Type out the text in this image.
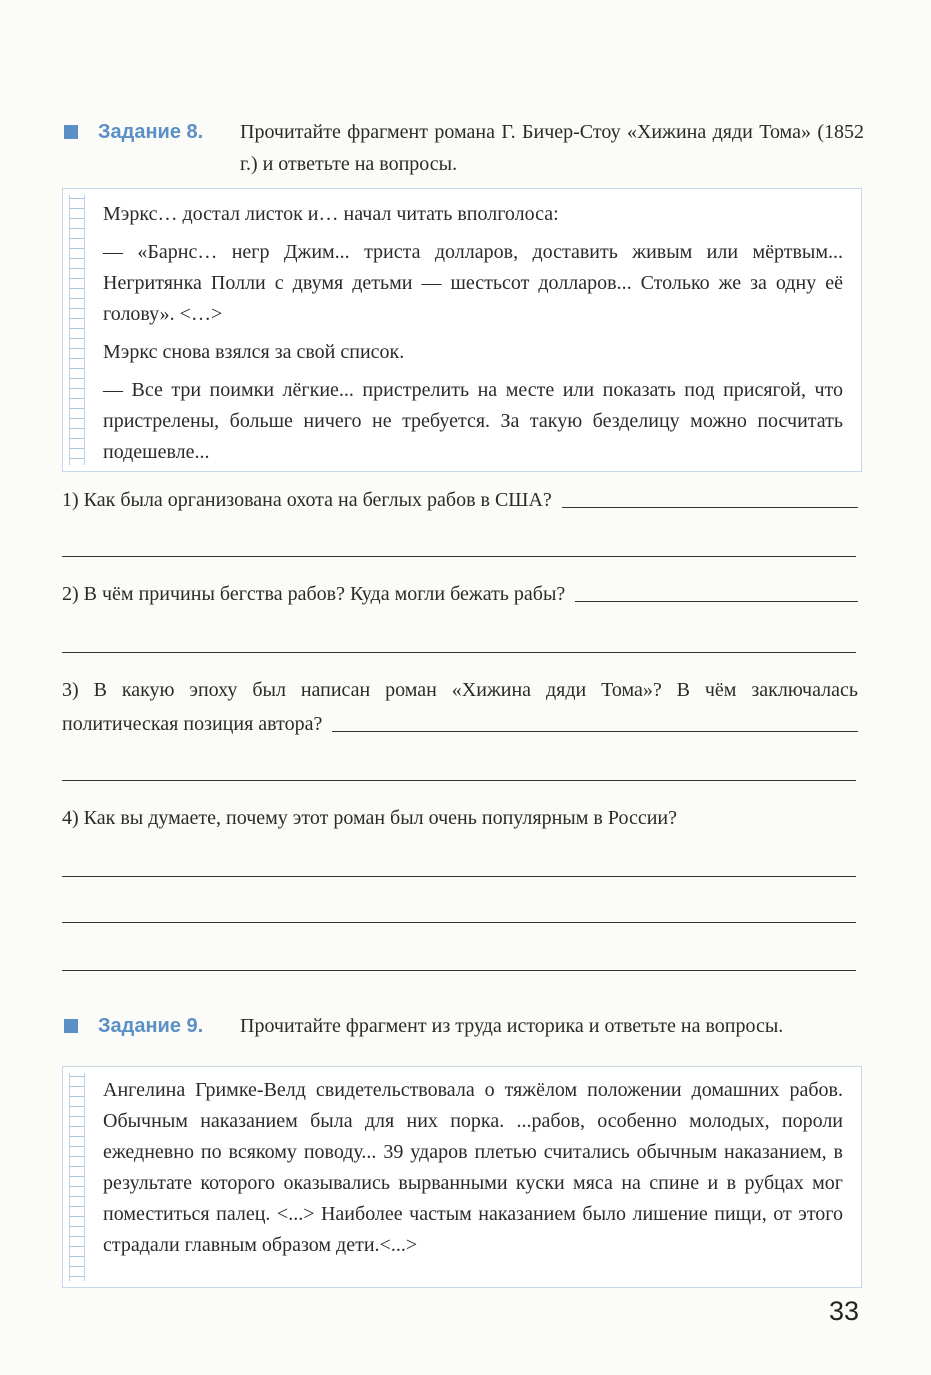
Задание 8. Прочитайте фрагмент романа Г. Бичер-Стоу «Хижина дяди Тома» (1852 г.) и ответьте на вопросы.

Мэркс… достал листок и… начал читать вполголоса:

— «Барнс… негр Джим... триста долларов, доставить живым или мёртвым... Негритянка Полли с двумя детьми — шестьсот долларов... Столько же за одну её голову». <…>

Мэркс снова взялся за свой список.

— Все три поимки лёгкие... пристрелить на месте или показать под присягой, что пристрелены, больше ничего не требуется. За такую безделицу можно посчитать подешевле...

1) Как была организована охота на беглых рабов в США?
2) В чём причины бегства рабов? Куда могли бежать рабы?
3) В какую эпоху был написан роман «Хижина дяди Тома»? В чём заключалась
политическая позиция автора?
4) Как вы думаете, почему этот роман был очень популярным в России?
Задание 9. Прочитайте фрагмент из труда историка и ответьте на вопросы.

Ангелина Гримке-Велд свидетельствовала о тяжёлом положении домашних рабов. Обычным наказанием была для них порка. ...рабов, особенно молодых, пороли ежедневно по всякому поводу... 39 ударов плетью считались обычным наказанием, в результате которого оказывались вырванными куски мяса на спине и в рубцах мог поместиться палец. <...> Наиболее частым наказанием было лишение пищи, от этого страдали главным образом дети.<...>

33
